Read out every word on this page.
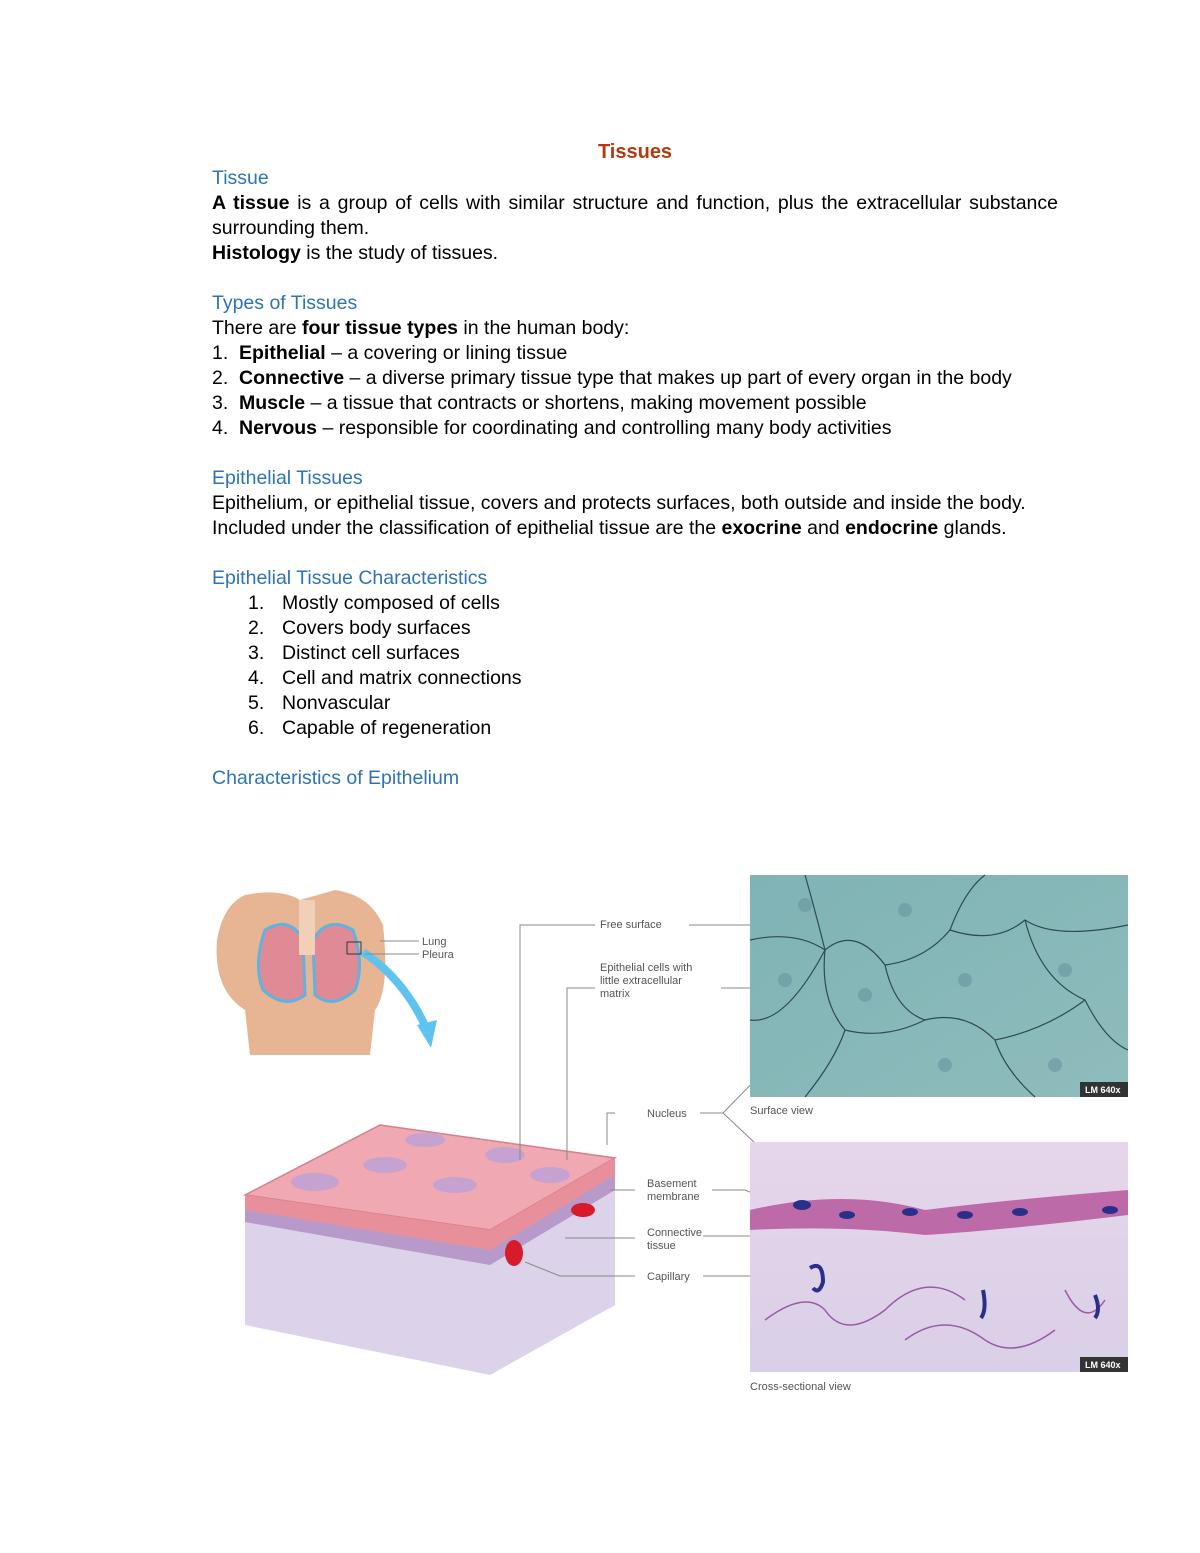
Tissues

Tissue

A tissue is a group of cells with similar structure and function, plus the extracellular substance surrounding them.

Histology is the study of tissues.

Types of Tissues

There are four tissue types in the human body:

1. Epithelial – a covering or lining tissue
2. Connective – a diverse primary tissue type that makes up part of every organ in the body
3. Muscle – a tissue that contracts or shortens, making movement possible
4. Nervous – responsible for coordinating and controlling many body activities

Epithelial Tissues

Epithelium, or epithelial tissue, covers and protects surfaces, both outside and inside the body.

Included under the classification of epithelial tissue are the exocrine and endocrine glands.

Epithelial Tissue Characteristics

1. Mostly composed of cells
2. Covers body surfaces
3. Distinct cell surfaces
4. Cell and matrix connections
5. Nonvascular
6. Capable of regeneration

Characteristics of Epithelium

Lung
Pleura
Free surface
Epithelial cells with
little extracellular
matrix
Nucleus
Basement
membrane
Connective
tissue
Capillary
LM 640x
Surface view
LM 640x
Cross-sectional view
